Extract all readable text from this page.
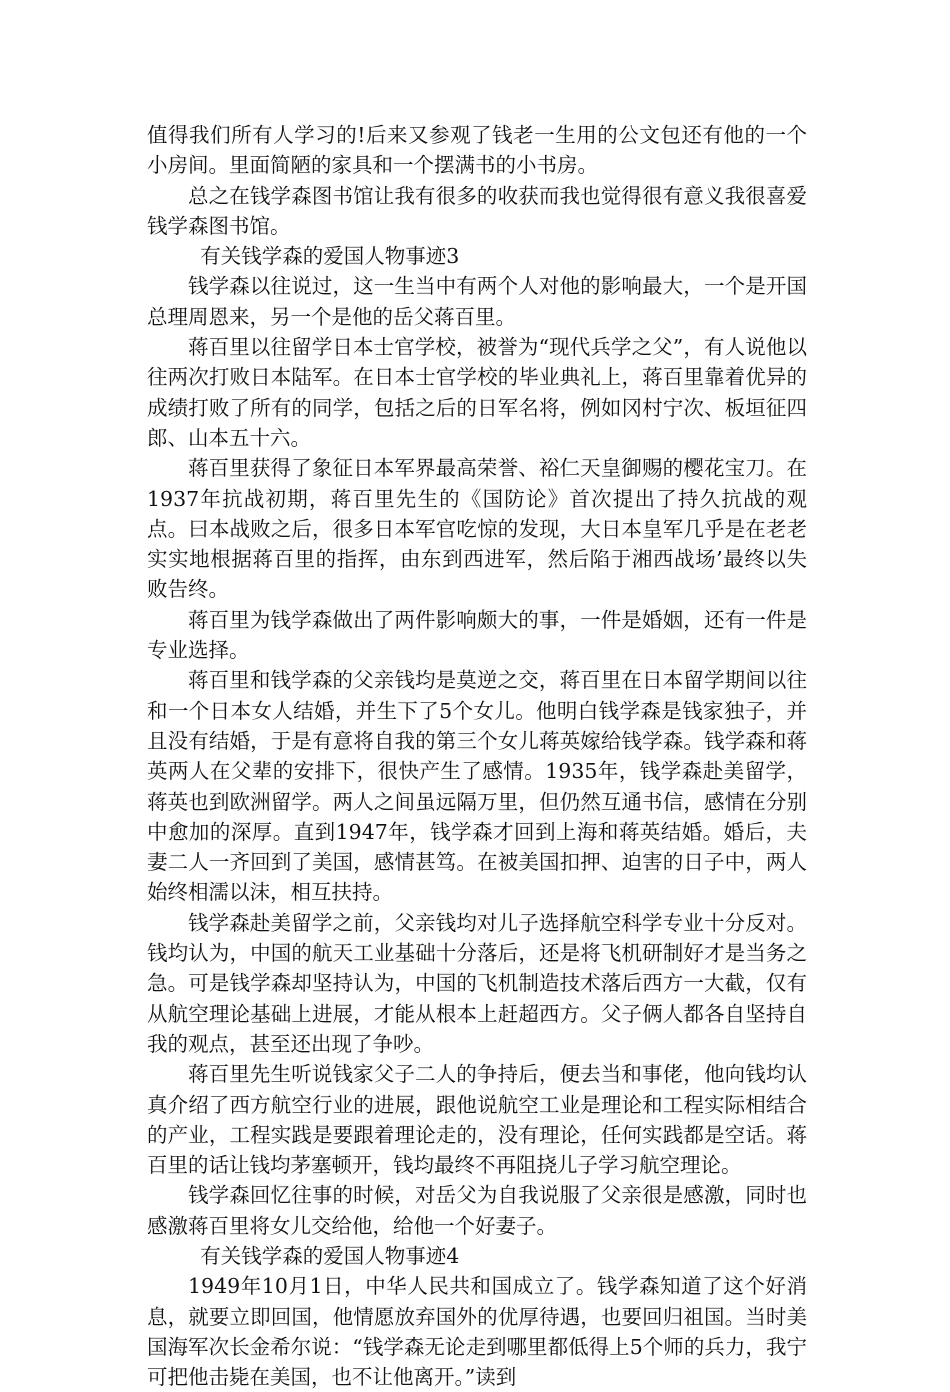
值得我们所有人学习的!后来又参观了钱老一生用的公文包还有他的一个小房间。里面简陋的家具和一个摆满书的小书房。

总之在钱学森图书馆让我有很多的收获而我也觉得很有意义我很喜爱钱学森图书馆。

有关钱学森的爱国人物事迹3

钱学森以往说过，这一生当中有两个人对他的影响最大，一个是开国总理周恩来，另一个是他的岳父蒋百里。

蒋百里以往留学日本士官学校，被誉为“现代兵学之父”，有人说他以往两次打败日本陆军。在日本士官学校的毕业典礼上，蒋百里靠着优异的成绩打败了所有的同学，包括之后的日军名将，例如冈村宁次、板垣征四郎、山本五十六。

蒋百里获得了象征日本军界最高荣誉、裕仁天皇御赐的樱花宝刀。在1937年抗战初期，蒋百里先生的《国防论》首次提出了持久抗战的观点。曰本战败之后，很多日本军官吃惊的发现，大日本皇军几乎是在老老实实地根据蒋百里的指挥，由东到西进军，然后陷于湘西战场’最终以失败告终。

蒋百里为钱学森做出了两件影响颇大的事，一件是婚姻，还有一件是专业选择。

蒋百里和钱学森的父亲钱均是莫逆之交，蒋百里在日本留学期间以往和一个日本女人结婚，并生下了5个女儿。他明白钱学森是钱家独子，并且没有结婚，于是有意将自我的第三个女儿蒋英嫁给钱学森。钱学森和蒋英两人在父辈的安排下，很快产生了感情。1935年，钱学森赴美留学，蒋英也到欧洲留学。两人之间虽远隔万里，但仍然互通书信，感情在分别中愈加的深厚。直到1947年，钱学森才回到上海和蒋英结婚。婚后，夫妻二人一齐回到了美国，感情甚笃。在被美国扣押、迫害的日子中，两人始终相濡以沫，相互扶持。

钱学森赴美留学之前，父亲钱均对儿子选择航空科学专业十分反对。钱均认为，中国的航天工业基础十分落后，还是将飞机研制好才是当务之急。可是钱学森却坚持认为，中国的飞机制造技术落后西方一大截，仅有从航空理论基础上进展，才能从根本上赶超西方。父子俩人都各自坚持自我的观点，甚至还出现了争吵。

蒋百里先生听说钱家父子二人的争持后，便去当和事佬，他向钱均认真介绍了西方航空行业的进展，跟他说航空工业是理论和工程实际相结合的产业，工程实践是要跟着理论走的，没有理论，任何实践都是空话。蒋百里的话让钱均茅塞顿开，钱均最终不再阻挠儿子学习航空理论。

钱学森回忆往事的时候，对岳父为自我说服了父亲很是感激，同时也感激蒋百里将女儿交给他，给他一个好妻子。

有关钱学森的爱国人物事迹4

1949年10月1日，中华人民共和国成立了。钱学森知道了这个好消息，就要立即回国，他情愿放弃国外的优厚待遇，也要回归祖国。当时美国海军次长金希尔说：“钱学森无论走到哪里都低得上5个师的兵力，我宁可把他击毙在美国，也不让他离开。”读到
